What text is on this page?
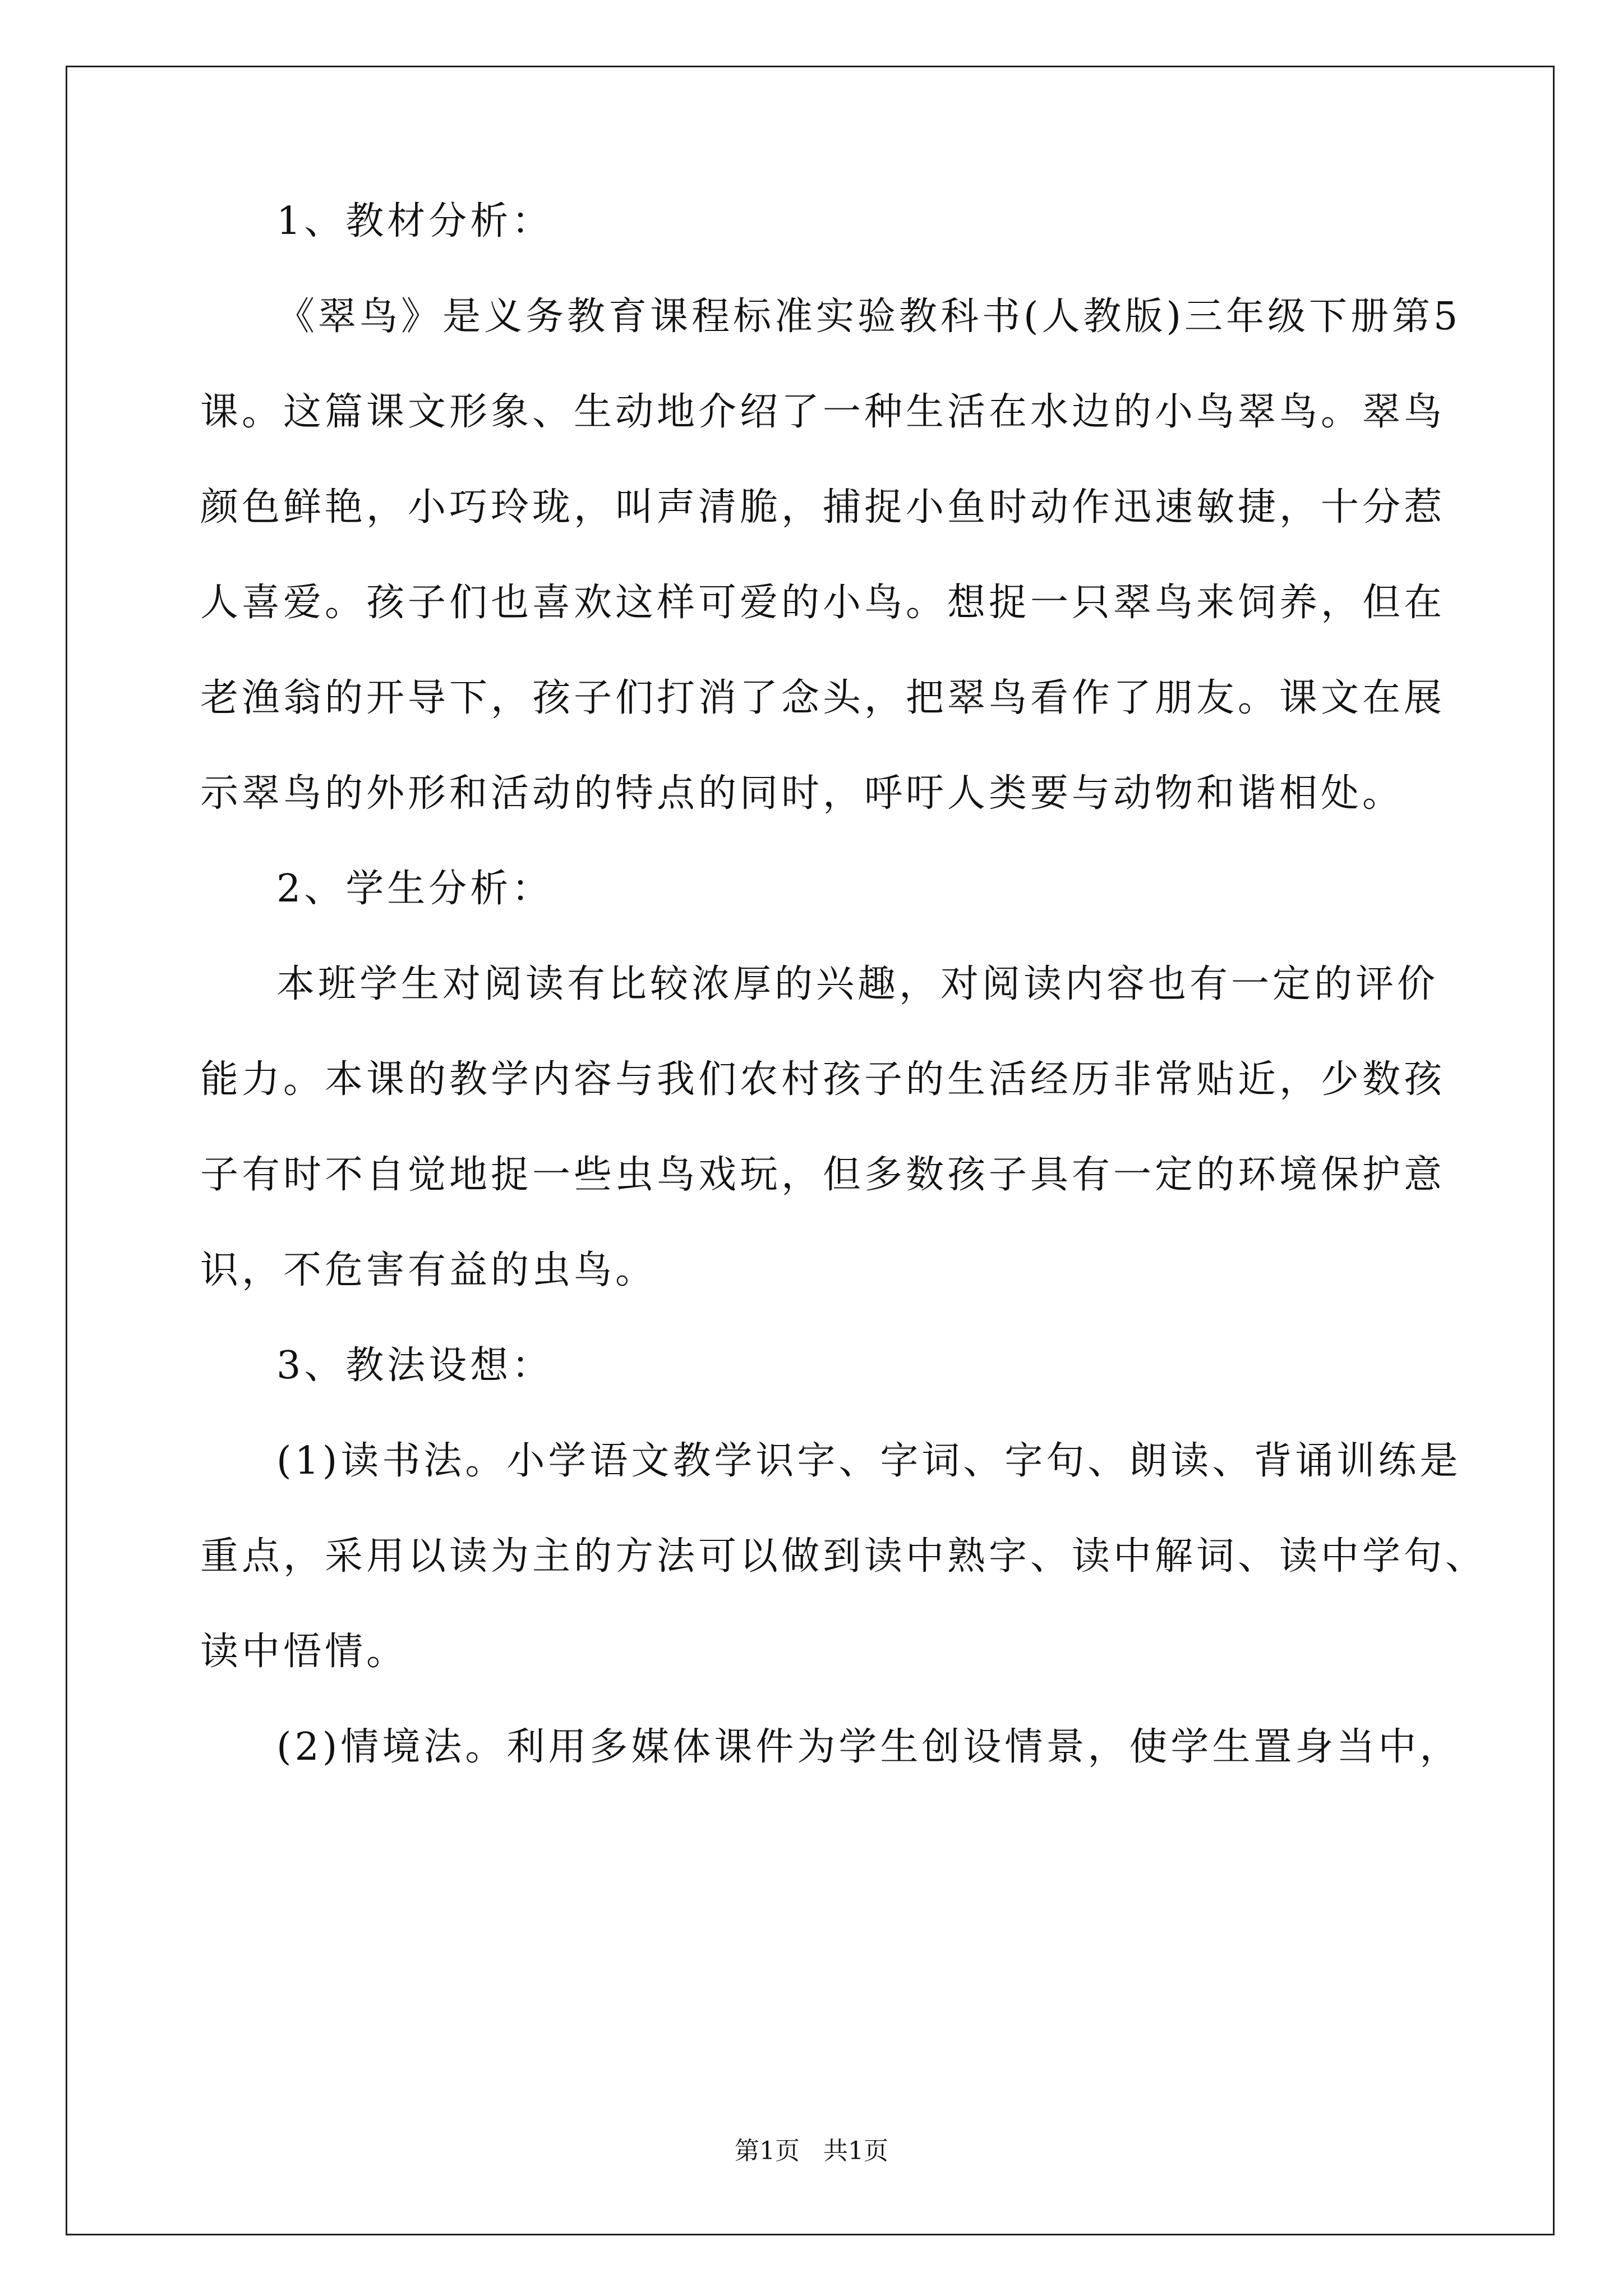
1、教材分析：
《翠鸟》是义务教育课程标准实验教科书(人教版)三年级下册第5
课。这篇课文形象、生动地介绍了一种生活在水边的小鸟翠鸟。翠鸟
颜色鲜艳，小巧玲珑，叫声清脆，捕捉小鱼时动作迅速敏捷，十分惹
人喜爱。孩子们也喜欢这样可爱的小鸟。想捉一只翠鸟来饲养，但在
老渔翁的开导下，孩子们打消了念头，把翠鸟看作了朋友。课文在展
示翠鸟的外形和活动的特点的同时，呼吁人类要与动物和谐相处。
2、学生分析：
本班学生对阅读有比较浓厚的兴趣，对阅读内容也有一定的评价
能力。本课的教学内容与我们农村孩子的生活经历非常贴近，少数孩
子有时不自觉地捉一些虫鸟戏玩，但多数孩子具有一定的环境保护意
识，不危害有益的虫鸟。
3、教法设想：
(1)读书法。小学语文教学识字、字词、字句、朗读、背诵训练是
重点，采用以读为主的方法可以做到读中熟字、读中解词、读中学句、
读中悟情。
(2)情境法。利用多媒体课件为学生创设情景，使学生置身当中，
第1页 共1页
